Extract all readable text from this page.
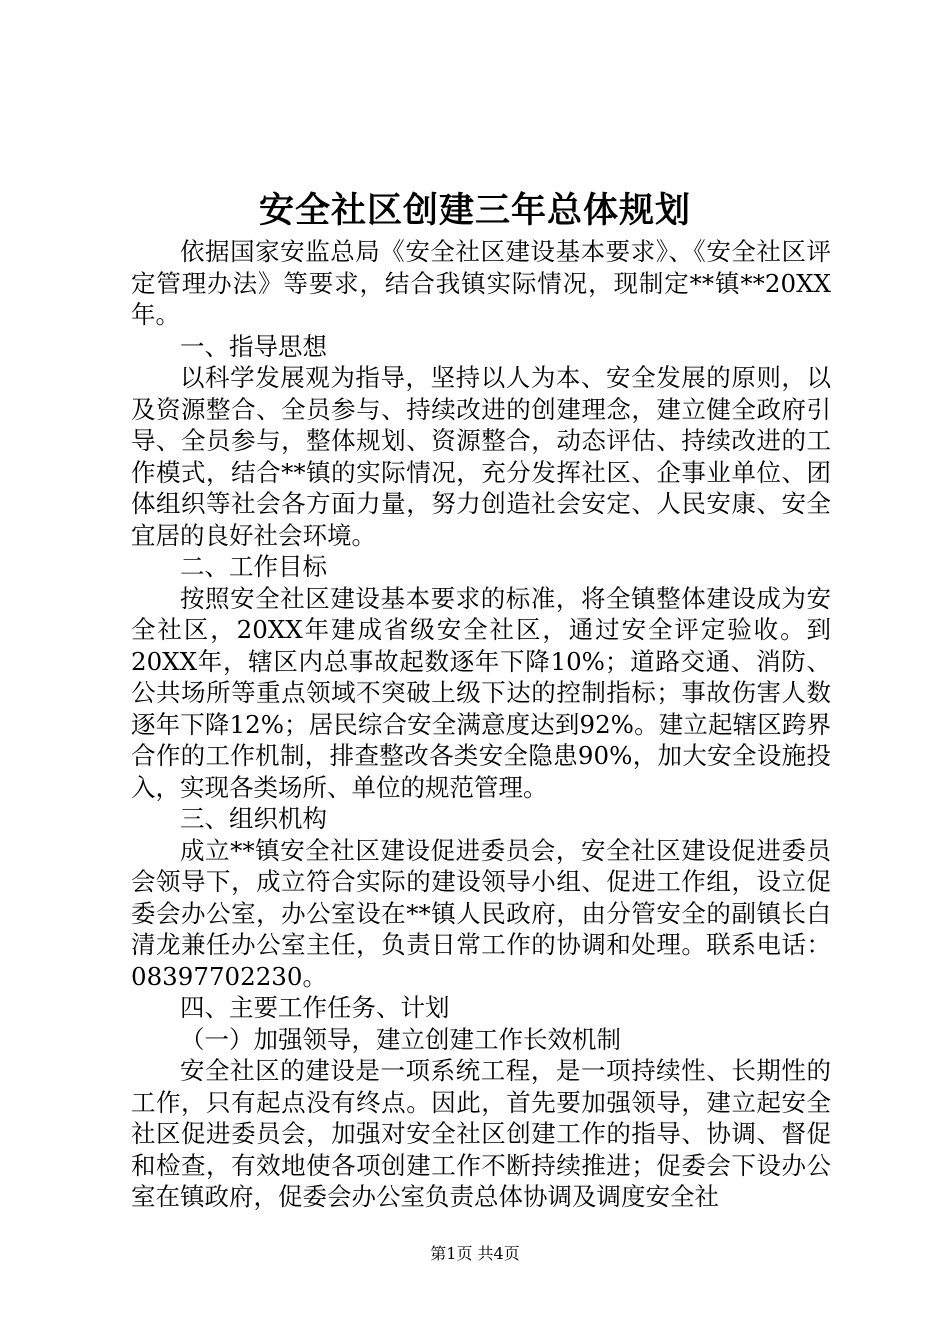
安全社区创建三年总体规划

依据国家安监总局《安全社区建设基本要求》、《安全社区评定管理办法》等要求，结合我镇实际情况，现制定**镇**20XX年。

一、指导思想

以科学发展观为指导，坚持以人为本、安全发展的原则，以及资源整合、全员参与、持续改进的创建理念，建立健全政府引导、全员参与，整体规划、资源整合，动态评估、持续改进的工作模式，结合**镇的实际情况，充分发挥社区、企事业单位、团体组织等社会各方面力量，努力创造社会安定、人民安康、安全宜居的良好社会环境。

二、工作目标

按照安全社区建设基本要求的标准，将全镇整体建设成为安全社区，20XX年建成省级安全社区，通过安全评定验收。到20XX年，辖区内总事故起数逐年下降10%；道路交通、消防、公共场所等重点领域不突破上级下达的控制指标；事故伤害人数逐年下降12%；居民综合安全满意度达到92%。建立起辖区跨界合作的工作机制，排查整改各类安全隐患90%，加大安全设施投入，实现各类场所、单位的规范管理。

三、组织机构

成立**镇安全社区建设促进委员会，安全社区建设促进委员会领导下，成立符合实际的建设领导小组、促进工作组，设立促委会办公室，办公室设在**镇人民政府，由分管安全的副镇长白清龙兼任办公室主任，负责日常工作的协调和处理。联系电话：08397702230。

四、主要工作任务、计划

（一）加强领导，建立创建工作长效机制

安全社区的建设是一项系统工程，是一项持续性、长期性的工作，只有起点没有终点。因此，首先要加强领导，建立起安全社区促进委员会，加强对安全社区创建工作的指导、协调、督促和检查，有效地使各项创建工作不断持续推进；促委会下设办公室在镇政府，促委会办公室负责总体协调及调度安全社

第1页 共4页
